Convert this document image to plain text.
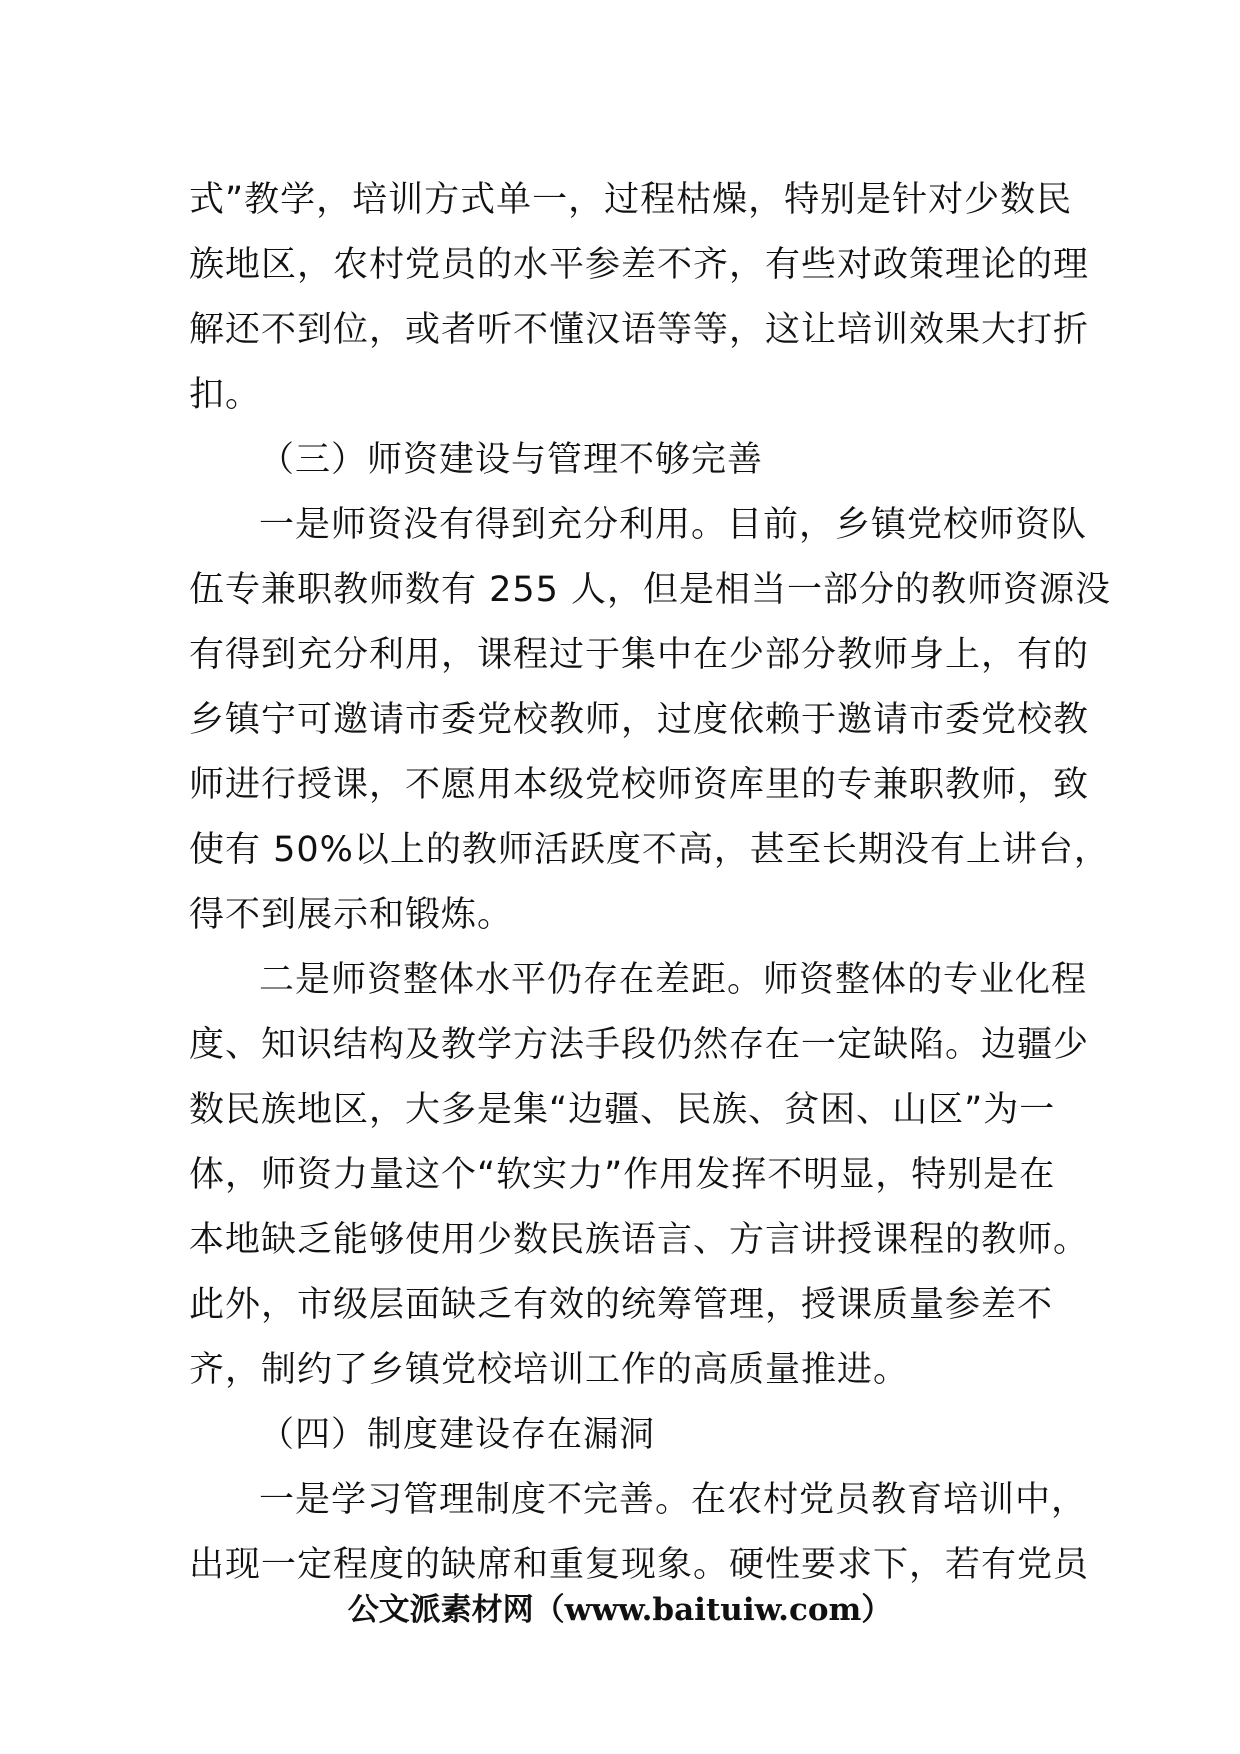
式”教学，培训方式单一，过程枯燥，特别是针对少数民
族地区，农村党员的水平参差不齐，有些对政策理论的理
解还不到位，或者听不懂汉语等等，这让培训效果大打折
扣。
（三）师资建设与管理不够完善
一是师资没有得到充分利用。目前，乡镇党校师资队
伍专兼职教师数有 255 人，但是相当一部分的教师资源没
有得到充分利用，课程过于集中在少部分教师身上，有的
乡镇宁可邀请市委党校教师，过度依赖于邀请市委党校教
师进行授课，不愿用本级党校师资库里的专兼职教师，致
使有 50%以上的教师活跃度不高，甚至长期没有上讲台，
得不到展示和锻炼。
二是师资整体水平仍存在差距。师资整体的专业化程
度、知识结构及教学方法手段仍然存在一定缺陷。边疆少
数民族地区，大多是集“边疆、民族、贫困、山区”为一
体，师资力量这个“软实力”作用发挥不明显，特别是在
本地缺乏能够使用少数民族语言、方言讲授课程的教师。
此外，市级层面缺乏有效的统筹管理，授课质量参差不
齐，制约了乡镇党校培训工作的高质量推进。
（四）制度建设存在漏洞
一是学习管理制度不完善。在农村党员教育培训中，
出现一定程度的缺席和重复现象。硬性要求下，若有党员
公文派素材网（www.baituiw.com）
